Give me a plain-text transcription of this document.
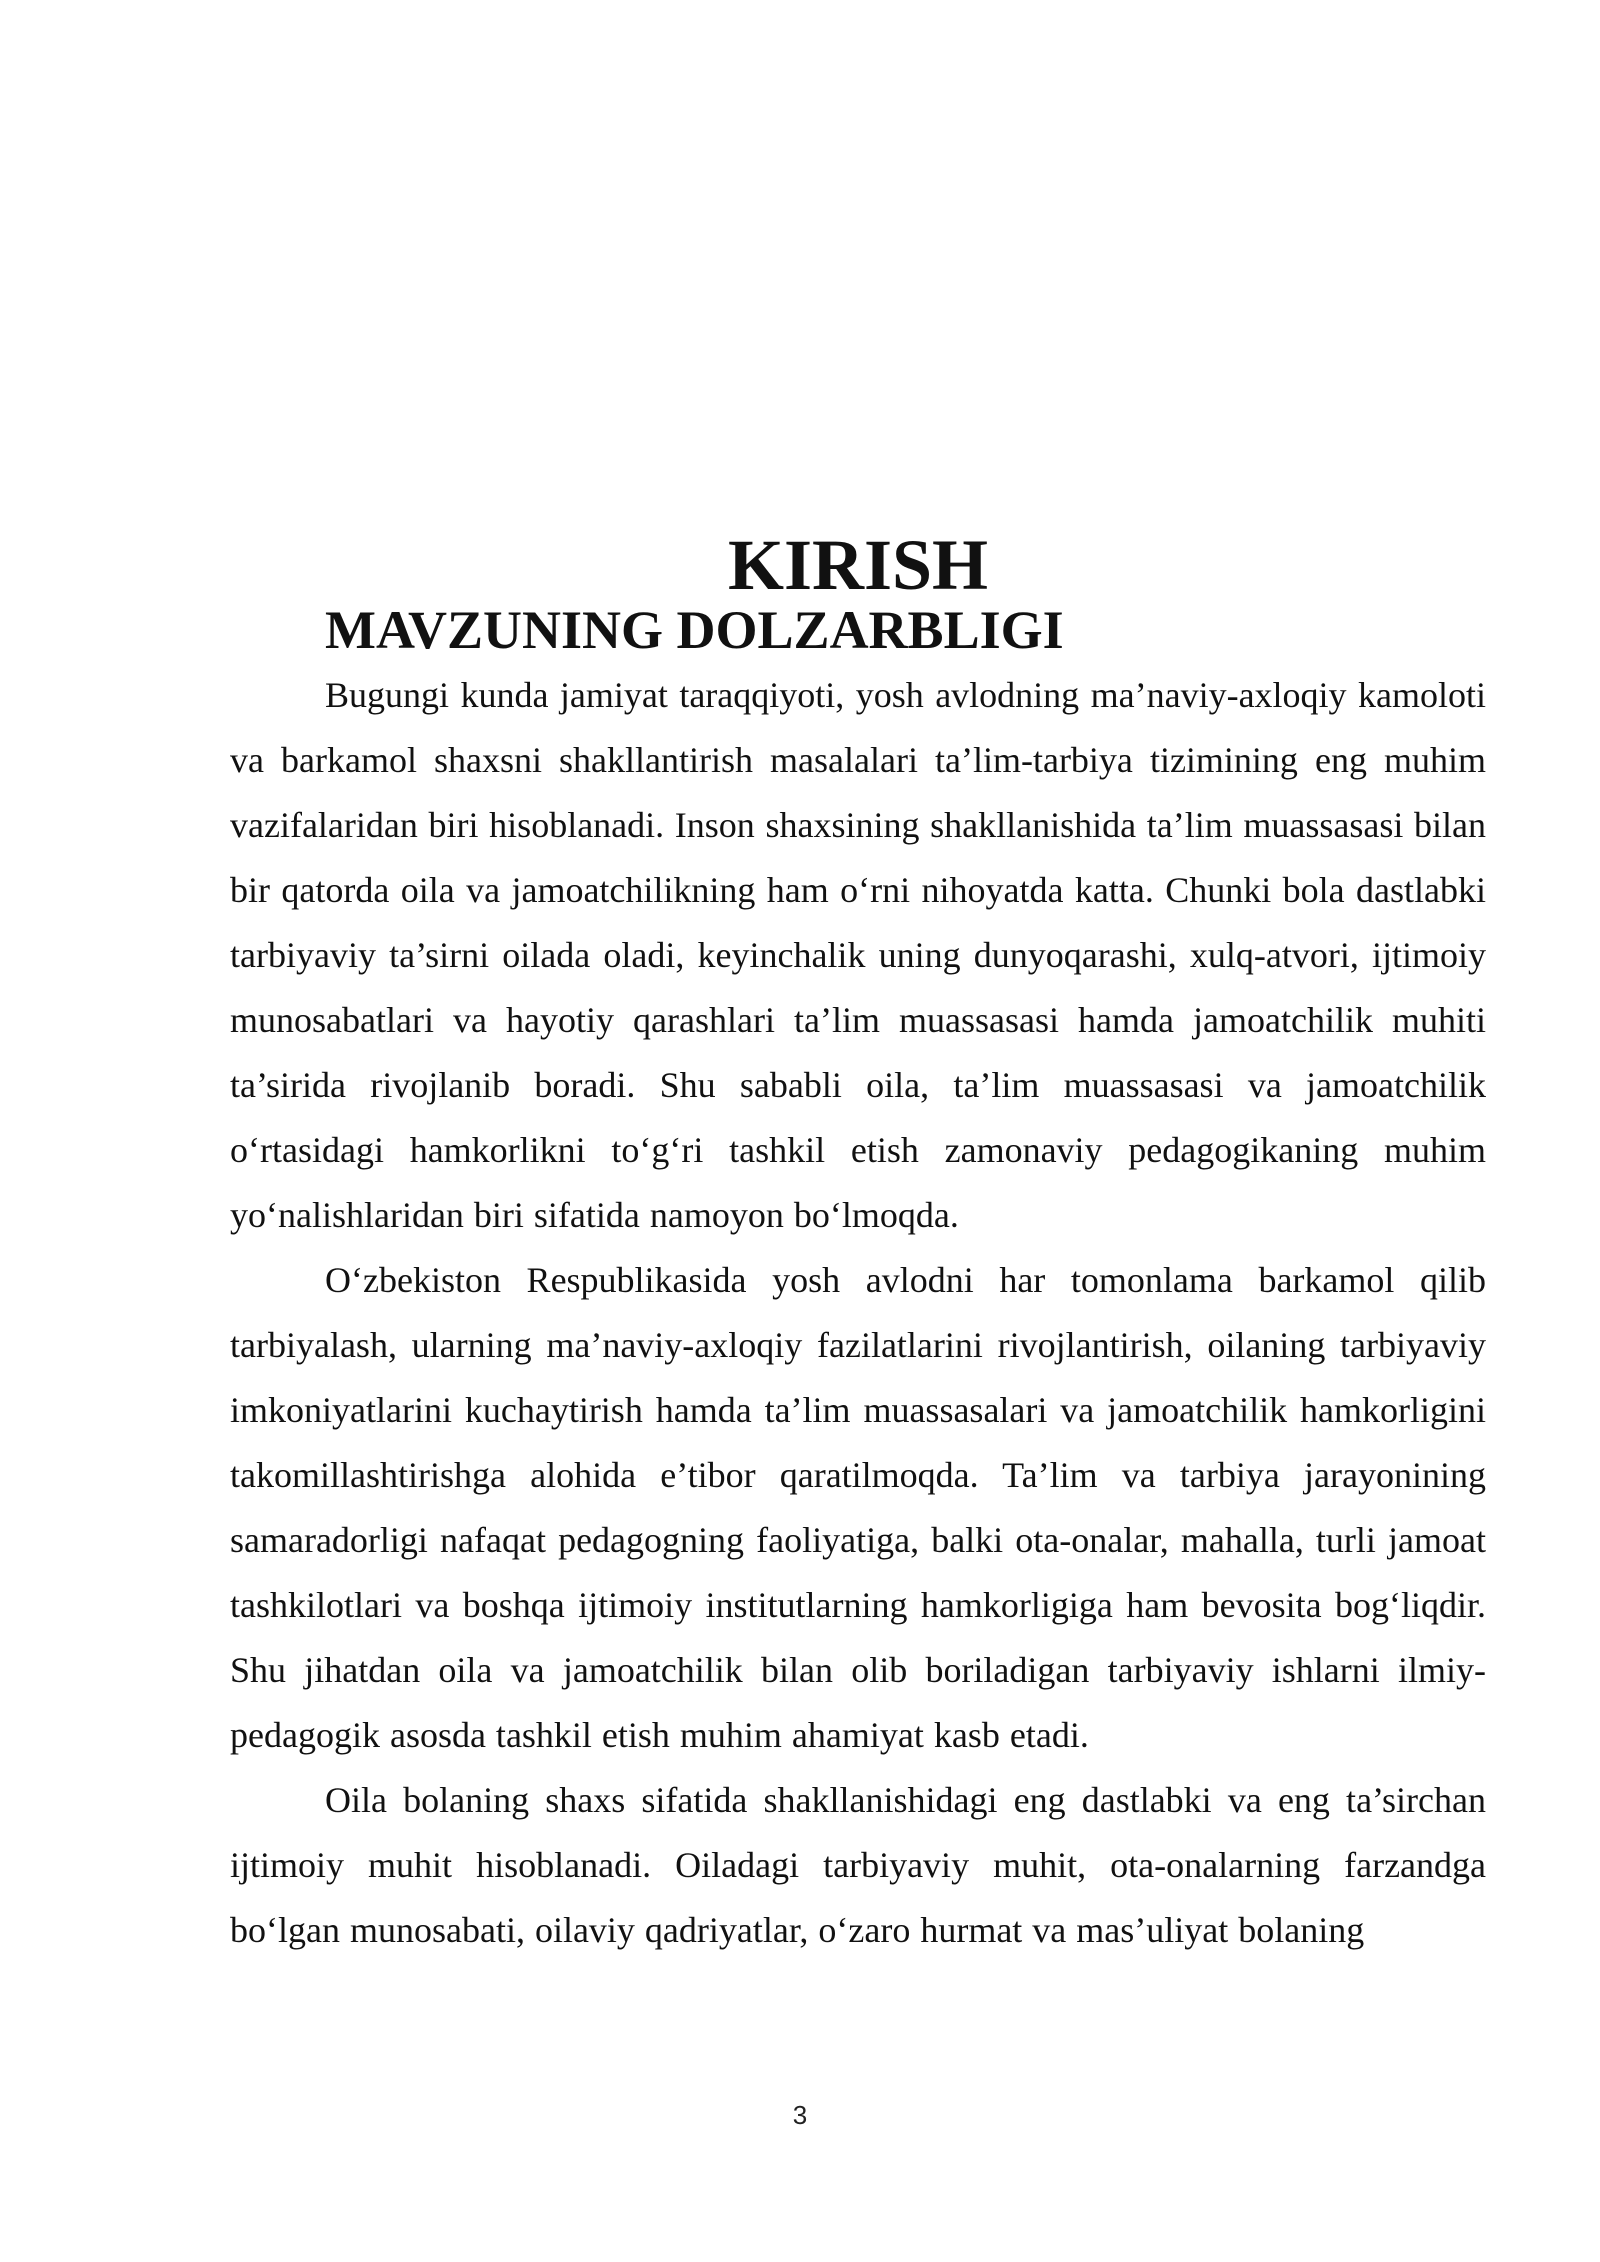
KIRISH
MAVZUNING DOLZARBLIGI

Bugungi kunda jamiyat taraqqiyoti, yosh avlodning ma’naviy-axloqiy kamoloti va barkamol shaxsni shakllantirish masalalari ta’lim-tarbiya tizimining eng muhim vazifalaridan biri hisoblanadi. Inson shaxsining shakllanishida ta’lim muassasasi bilan bir qatorda oila va jamoatchilikning ham o‘rni nihoyatda katta. Chunki bola dastlabki tarbiyaviy ta’sirni oilada oladi, keyinchalik uning dunyoqarashi, xulq-atvori, ijtimoiy munosabatlari va hayotiy qarashlari ta’lim muassasasi hamda jamoatchilik muhiti ta’sirida rivojlanib boradi. Shu sababli oila, ta’lim muassasasi va jamoatchilik o‘rtasidagi hamkorlikni to‘g‘ri tashkil etish zamonaviy pedagogikaning muhim yo‘nalishlaridan biri sifatida namoyon bo‘lmoqda.

O‘zbekiston Respublikasida yosh avlodni har tomonlama barkamol qilib tarbiyalash, ularning ma’naviy-axloqiy fazilatlarini rivojlantirish, oilaning tarbiyaviy imkoniyatlarini kuchaytirish hamda ta’lim muassasalari va jamoatchilik hamkorligini takomillashtirishga alohida e’tibor qaratilmoqda. Ta’lim va tarbiya jarayonining samaradorligi nafaqat pedagogning faoliyatiga, balki ota-onalar, mahalla, turli jamoat tashkilotlari va boshqa ijtimoiy institutlarning hamkorligiga ham bevosita bog‘liqdir. Shu jihatdan oila va jamoatchilik bilan olib boriladigan tarbiyaviy ishlarni ilmiy-pedagogik asosda tashkil etish muhim ahamiyat kasb etadi.

Oila bolaning shaxs sifatida shakllanishidagi eng dastlabki va eng ta’sirchan ijtimoiy muhit hisoblanadi. Oiladagi tarbiyaviy muhit, ota-onalarning farzandga bo‘lgan munosabati, oilaviy qadriyatlar, o‘zaro hurmat va mas’uliyat bolaning

3
